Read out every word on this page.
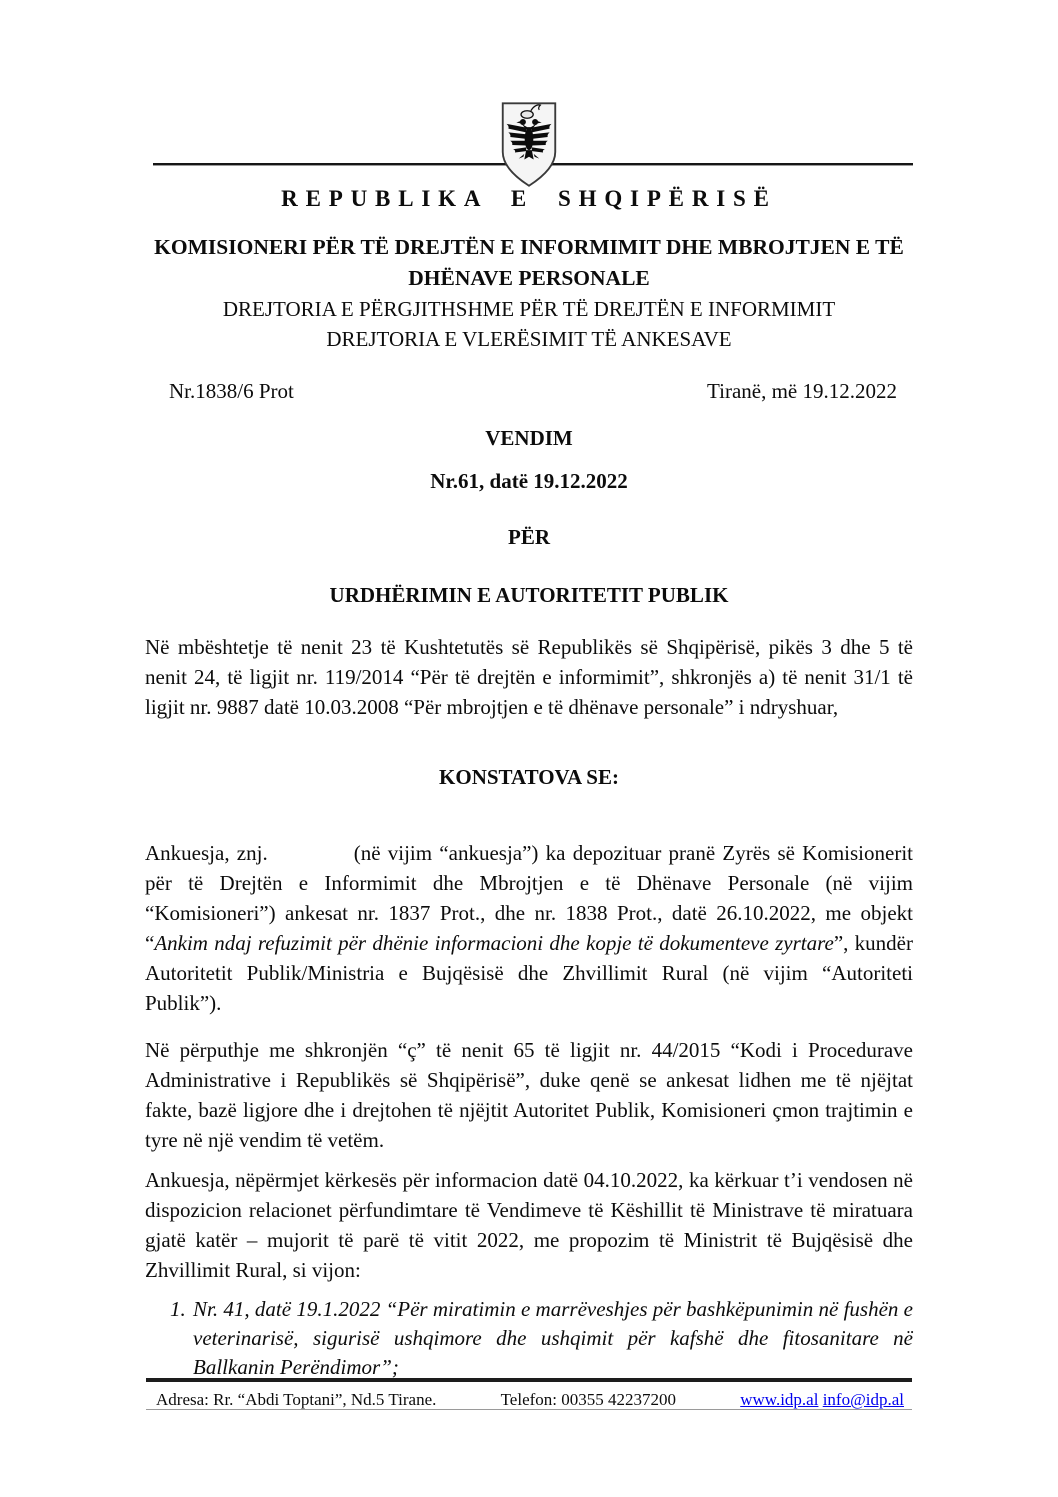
REPUBLIKA E SHQIPËRISË
KOMISIONERI PËR TË DREJTËN E INFORMIMIT DHE MBROJTJEN E TË DHËNAVE PERSONALE
DREJTORIA E PËRGJITHSHME PËR TË DREJTËN E INFORMIMIT
DREJTORIA E VLERËSIMIT TË ANKESAVE
Nr.1838/6 Prot	Tiranë, më 19.12.2022
VENDIM
Nr.61, datë 19.12.2022
PËR
URDHËRIMIN E AUTORITETIT PUBLIK

Në mbështetje të nenit 23 të Kushtetutës së Republikës së Shqipërisë, pikës 3 dhe 5 të nenit 24, të ligjit nr. 119/2014 “Për të drejtën e informimit”, shkronjës a) të nenit 31/1 të ligjit nr. 9887 datë 10.03.2008 “Për mbrojtjen e të dhënave personale” i ndryshuar,

KONSTATOVA SE:

Ankuesja, znj.	(në vijim “ankuesja”) ka depozituar pranë Zyrës së Komisionerit për të Drejtën e Informimit dhe Mbrojtjen e të Dhënave Personale (në vijim “Komisioneri”) ankesat nr. 1837 Prot., dhe nr. 1838 Prot., datë 26.10.2022, me objekt “Ankim ndaj refuzimit për dhënie informacioni dhe kopje të dokumenteve zyrtare”, kundër Autoritetit Publik/Ministria e Bujqësisë dhe Zhvillimit Rural (në vijim “Autoriteti Publik”).

Në përputhje me shkronjën “ç” të nenit 65 të ligjit nr. 44/2015 “Kodi i Procedurave Administrative i Republikës së Shqipërisë”, duke qenë se ankesat lidhen me të njëjtat fakte, bazë ligjore dhe i drejtohen të njëjtit Autoritet Publik, Komisioneri çmon trajtimin e tyre në një vendim të vetëm.

Ankuesja, nëpërmjet kërkesës për informacion datë 04.10.2022, ka kërkuar t’i vendosen në dispozicion relacionet përfundimtare të Vendimeve të Këshillit të Ministrave të miratuara gjatë katër – mujorit të parë të vitit 2022, me propozim të Ministrit të Bujqësisë dhe Zhvillimit Rural, si vijon:

1. Nr. 41, datë 19.1.2022 “Për miratimin e marrëveshjes për bashkëpunimin në fushën e veterinarisë, sigurisë ushqimore dhe ushqimit për kafshë dhe fitosanitare në Ballkanin Perëndimor”;
Adresa: Rr. “Abdi Toptani”, Nd.5 Tirane.	Telefon: 00355 42237200	www.idp.al info@idp.al
